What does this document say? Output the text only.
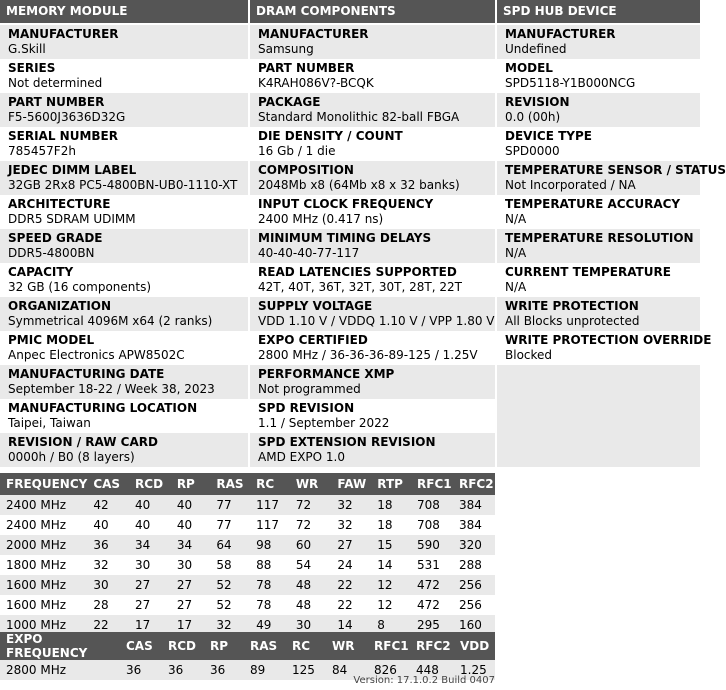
MEMORY MODULE	DRAM COMPONENTS	SPD HUB DEVICE
MANUFACTURER
G.Skill
SERIES
Not determined
PART NUMBER
F5-5600J3636D32G
SERIAL NUMBER
785457F2h
JEDEC DIMM LABEL
32GB 2Rx8 PC5-4800BN-UB0-1110-XT
ARCHITECTURE
DDR5 SDRAM UDIMM
SPEED GRADE
DDR5-4800BN
CAPACITY
32 GB (16 components)
ORGANIZATION
Symmetrical 4096M x64 (2 ranks)
PMIC MODEL
Anpec Electronics APW8502C
MANUFACTURING DATE
September 18-22 / Week 38, 2023
MANUFACTURING LOCATION
Taipei, Taiwan
REVISION / RAW CARD
0000h / B0 (8 layers)
MANUFACTURER
Samsung
PART NUMBER
K4RAH086V?-BCQK
PACKAGE
Standard Monolithic 82-ball FBGA
DIE DENSITY / COUNT
16 Gb / 1 die
COMPOSITION
2048Mb x8 (64Mb x8 x 32 banks)
INPUT CLOCK FREQUENCY
2400 MHz (0.417 ns)
MINIMUM TIMING DELAYS
40-40-40-77-117
READ LATENCIES SUPPORTED
42T, 40T, 36T, 32T, 30T, 28T, 22T
SUPPLY VOLTAGE
VDD 1.10 V / VDDQ 1.10 V / VPP 1.80 V
EXPO CERTIFIED
2800 MHz / 36-36-36-89-125 / 1.25V
PERFORMANCE XMP
Not programmed
SPD REVISION
1.1 / September 2022
SPD EXTENSION REVISION
AMD EXPO 1.0
MANUFACTURER
Undefined
MODEL
SPD5118-Y1B000NCG
REVISION
0.0 (00h)
DEVICE TYPE
SPD0000
TEMPERATURE SENSOR / STATUS
Not Incorporated / NA
TEMPERATURE ACCURACY
N/A
TEMPERATURE RESOLUTION
N/A
CURRENT TEMPERATURE
N/A
WRITE PROTECTION
All Blocks unprotected
WRITE PROTECTION OVERRIDE
Blocked
FREQUENCY	CAS	RCD	RP	RAS	RC	WR	FAW	RTP	RFC1	RFC2
2400 MHz	42	40	40	77	117	72	32	18	708	384
2400 MHz	40	40	40	77	117	72	32	18	708	384
2000 MHz	36	34	34	64	98	60	27	15	590	320
1800 MHz	32	30	30	58	88	54	24	14	531	288
1600 MHz	30	27	27	52	78	48	22	12	472	256
1600 MHz	28	27	27	52	78	48	22	12	472	256
1000 MHz	22	17	17	32	49	30	14	8	295	160
EXPO FREQUENCY	CAS	RCD	RP	RAS	RC	WR	RFC1	RFC2	VDD
2800 MHz	36	36	36	89	125	84	826	448	1.25
Version: 17.1.0.2 Build 0407
